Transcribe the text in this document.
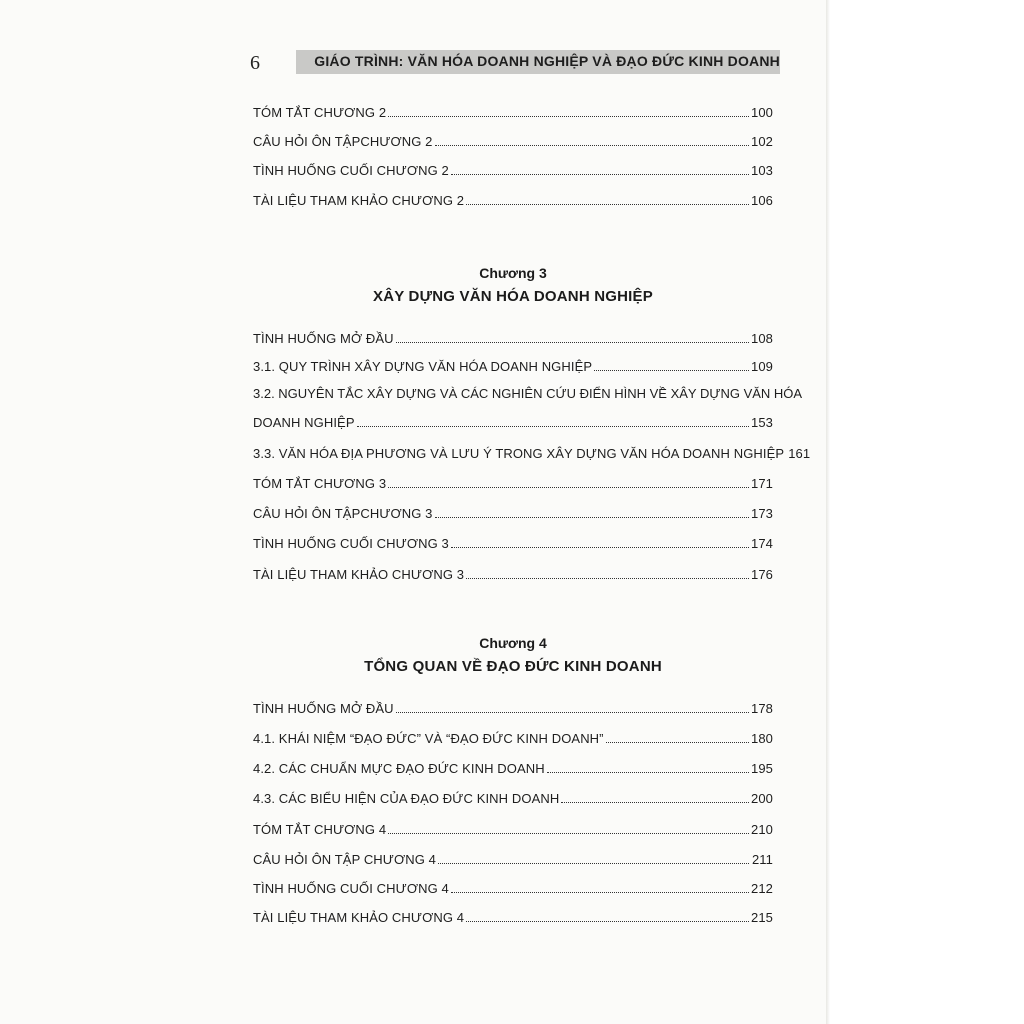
6	GIÁO TRÌNH: VĂN HÓA DOANH NGHIỆP VÀ ĐẠO ĐỨC KINH DOANH
TÓM TẮT CHƯƠNG 2	100
CÂU HỎI ÔN TẬPCHƯƠNG 2	102
TÌNH HUỐNG CUỐI CHƯƠNG 2	103
TÀI LIỆU THAM KHẢO CHƯƠNG 2	106
Chương 3
XÂY DỰNG VĂN HÓA DOANH NGHIỆP
TÌNH HUỐNG MỞ ĐẦU	108
3.1. QUY TRÌNH XÂY DỰNG VĂN HÓA DOANH NGHIỆP	109
3.2. NGUYÊN TẮC XÂY DỰNG VÀ CÁC NGHIÊN CỨU ĐIỂN HÌNH VỀ XÂY DỰNG VĂN HÓA
DOANH NGHIỆP	153
3.3. VĂN HÓA ĐỊA PHƯƠNG VÀ LƯU Ý TRONG XÂY DỰNG VĂN HÓA DOANH NGHIỆP 161
TÓM TẮT CHƯƠNG 3	171
CÂU HỎI ÔN TẬPCHƯƠNG 3	173
TÌNH HUỐNG CUỐI CHƯƠNG 3	174
TÀI LIỆU THAM KHẢO CHƯƠNG 3	176
Chương 4
TỔNG QUAN VỀ ĐẠO ĐỨC KINH DOANH
TÌNH HUỐNG MỞ ĐẦU	178
4.1. KHÁI NIỆM “ĐẠO ĐỨC” VÀ “ĐẠO ĐỨC KINH DOANH”	180
4.2. CÁC CHUẨN MỰC ĐẠO ĐỨC KINH DOANH	195
4.3. CÁC BIỂU HIỆN CỦA ĐẠO ĐỨC KINH DOANH	200
TÓM TẮT CHƯƠNG 4	210
CÂU HỎI ÔN TẬP CHƯƠNG 4	211
TÌNH HUỐNG CUỐI CHƯƠNG 4	212
TÀI LIỆU THAM KHẢO CHƯƠNG 4	215
